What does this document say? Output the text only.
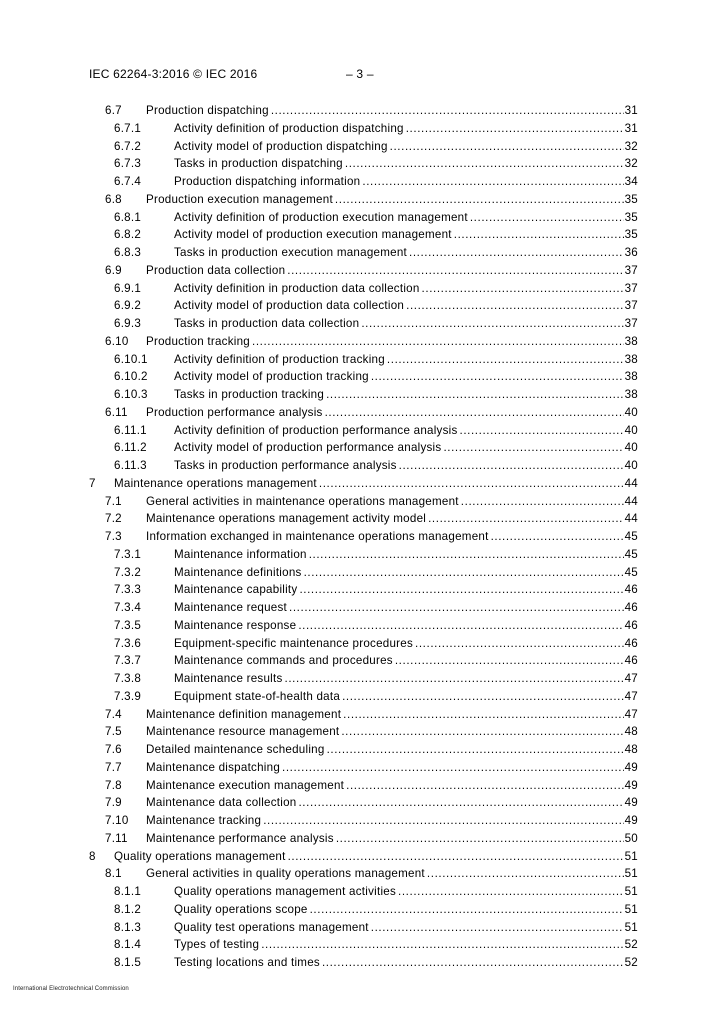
IEC 62264-3:2016 © IEC 2016	– 3 –
6.7 Production dispatching .....	31
6.7.1	Activity definition of production dispatching .....	31
6.7.2	Activity model of production dispatching .....	32
6.7.3	Tasks in production dispatching .....	32
6.7.4	Production dispatching information .....	34
6.8 Production execution management .....	35
6.8.1	Activity definition of production execution management .....	35
6.8.2	Activity model of production execution management .....	35
6.8.3	Tasks in production execution management .....	36
6.9 Production data collection .....	37
6.9.1	Activity definition in production data collection .....	37
6.9.2	Activity model of production data collection .....	37
6.9.3	Tasks in production data collection .....	37
6.10 Production tracking .....	38
6.10.1 Activity definition of production tracking .....	38
6.10.2 Activity model of production tracking .....	38
6.10.3 Tasks in production tracking .....	38
6.11 Production performance analysis .....	40
6.11.1 Activity definition of production performance analysis .....	40
6.11.2 Activity model of production performance analysis .....	40
6.11.3 Tasks in production performance analysis .....	40
7 Maintenance operations management .....	44
7.1 General activities in maintenance operations management .....	44
7.2 Maintenance operations management activity model .....	44
7.3 Information exchanged in maintenance operations management .....	45
7.3.1	Maintenance information .....	45
7.3.2	Maintenance definitions .....	45
7.3.3	Maintenance capability .....	46
7.3.4	Maintenance request .....	46
7.3.5	Maintenance response .....	46
7.3.6	Equipment-specific maintenance procedures .....	46
7.3.7	Maintenance commands and procedures .....	46
7.3.8	Maintenance results .....	47
7.3.9	Equipment state-of-health data .....	47
7.4 Maintenance definition management .....	47
7.5 Maintenance resource management .....	48
7.6 Detailed maintenance scheduling .....	48
7.7 Maintenance dispatching .....	49
7.8 Maintenance execution management .....	49
7.9 Maintenance data collection .....	49
7.10 Maintenance tracking .....	49
7.11 Maintenance performance analysis .....	50
8 Quality operations management .....	51
8.1 General activities in quality operations management .....	51
8.1.1	Quality operations management activities .....	51
8.1.2	Quality operations scope .....	51
8.1.3	Quality test operations management .....	51
8.1.4	Types of testing .....	52
8.1.5	Testing locations and times .....	52
International Electrotechnical Commission
